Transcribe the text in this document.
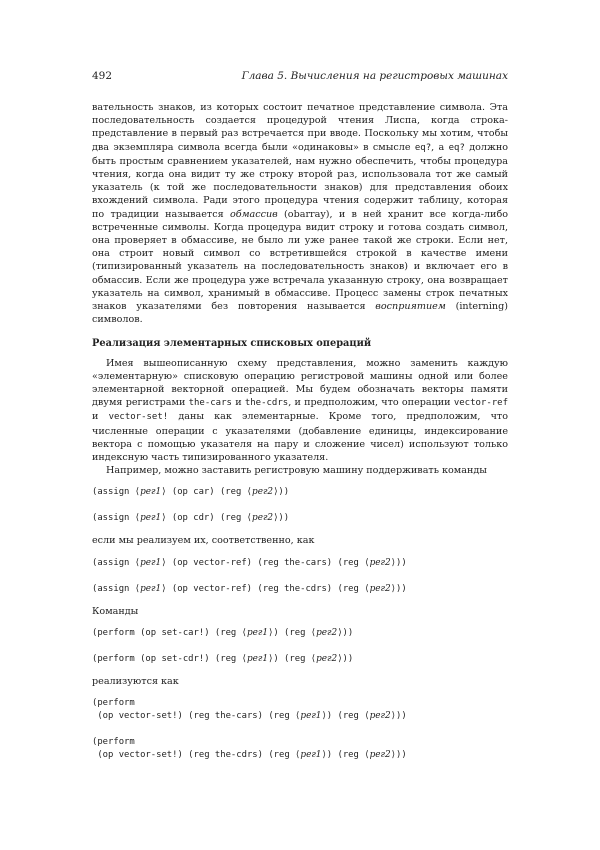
492	Глава 5. Вычисления на регистровых машинах

вательность знаков, из которых состоит печатное представление символа. Эта последовательность создается процедурой чтения Лиспа, когда строка-представление в первый раз встречается при вводе. Поскольку мы хотим, чтобы два экземпляра символа всегда были «одинаковы» в смысле eq?, а eq? должно быть простым сравнением указателей, нам нужно обеспечить, чтобы процедура чтения, когда она видит ту же строку второй раз, использовала тот же самый указатель (к той же последовательности знаков) для представления обоих вхождений символа. Ради этого процедура чтения содержит таблицу, которая по традиции называется обмассив (obarray), и в ней хранит все когда-либо встреченные символы. Когда процедура видит строку и готова создать символ, она проверяет в обмассиве, не было ли уже ранее такой же строки. Если нет, она строит новый символ со встретившейся строкой в качестве имени (типизированный указатель на последовательность знаков) и включает его в обмассив. Если же процедура уже встречала указанную строку, она возвращает указатель на символ, хранимый в обмассиве. Процесс замены строк печатных знаков указателями без повторения называется восприятием (interning) символов.

Реализация элементарных списковых операций

Имея вышеописанную схему представления, можно заменить каждую «элементарную» списковую операцию регистровой машины одной или более элементарной векторной операцией. Мы будем обозначать векторы памяти двумя регистрами the-cars и the-cdrs, и предположим, что операции vector-ref и vector-set! даны как элементарные. Кроме того, предположим, что численные операции с указателями (добавление единицы, индексирование вектора с помощью указателя на пару и сложение чисел) используют только индексную часть типизированного указателя.

Например, можно заставить регистровую машину поддерживать команды

(assign ⟨рег1⟩ (op car) (reg ⟨рег2⟩))

(assign ⟨рег1⟩ (op cdr) (reg ⟨рег2⟩))

если мы реализуем их, соответственно, как

(assign ⟨рег1⟩ (op vector-ref) (reg the-cars) (reg ⟨рег2⟩))

(assign ⟨рег1⟩ (op vector-ref) (reg the-cdrs) (reg ⟨рег2⟩))

Команды

(perform (op set-car!) (reg ⟨рег1⟩) (reg ⟨рег2⟩))

(perform (op set-cdr!) (reg ⟨рег1⟩) (reg ⟨рег2⟩))

реализуются как

(perform
(op vector-set!) (reg the-cars) (reg ⟨рег1⟩) (reg ⟨рег2⟩))

(perform
(op vector-set!) (reg the-cdrs) (reg ⟨рег1⟩) (reg ⟨рег2⟩))
